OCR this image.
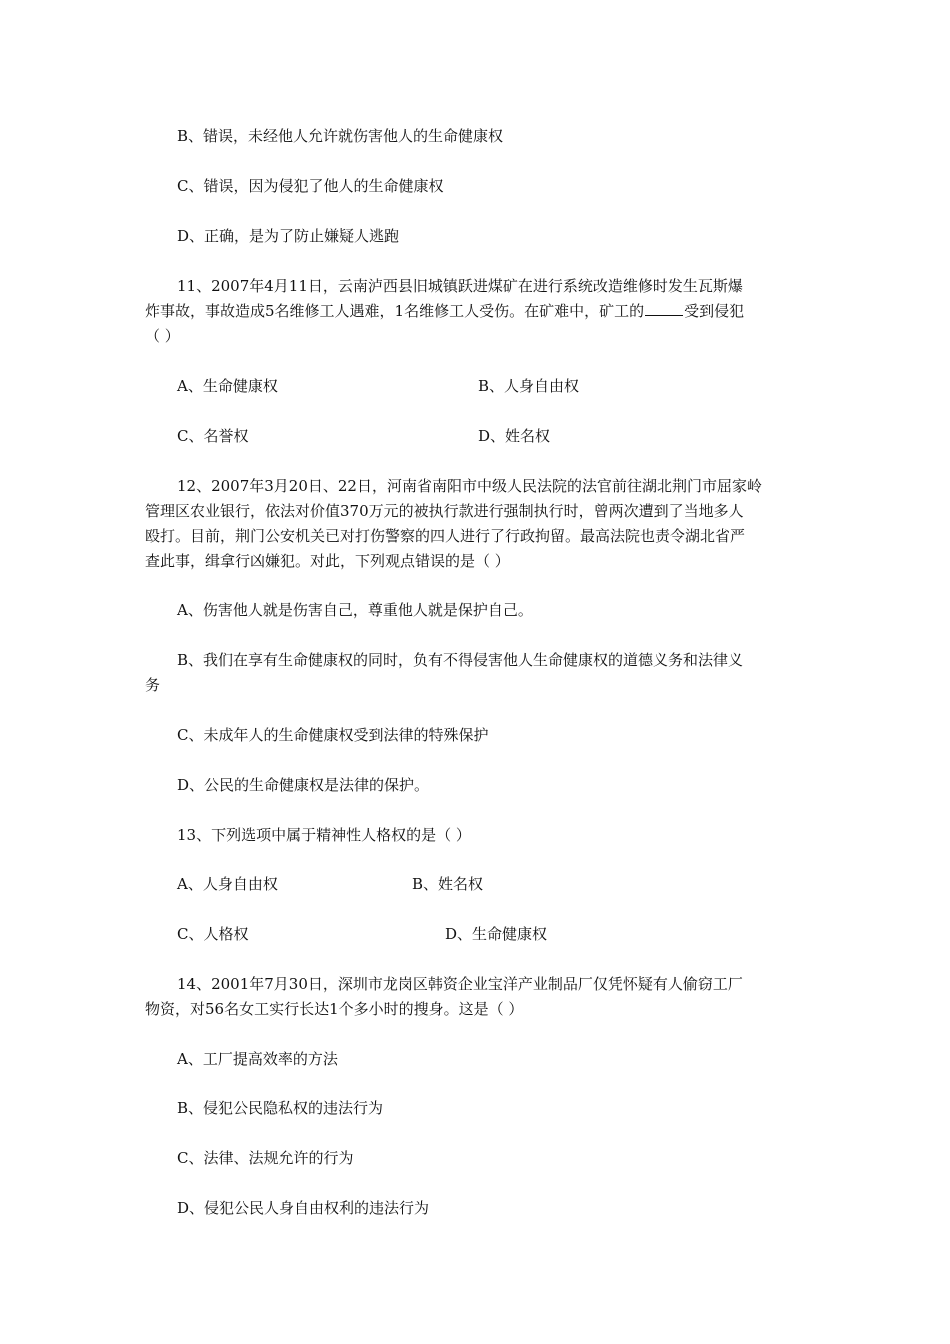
B、错误，未经他人允许就伤害他人的生命健康权
C、错误，因为侵犯了他人的生命健康权
D、正确，是为了防止嫌疑人逃跑
11、2007年4月11日，云南泸西县旧城镇跃进煤矿在进行系统改造维修时发生瓦斯爆
炸事故，事故造成5名维修工人遇难，1名维修工人受伤。在矿难中，矿工的	受到侵犯
（ ）
A、生命健康权	B、人身自由权
C、名誉权	D、姓名权
12、2007年3月20日、22日，河南省南阳市中级人民法院的法官前往湖北荆门市屈家岭
管理区农业银行，依法对价值370万元的被执行款进行强制执行时，曾两次遭到了当地多人
殴打。目前，荆门公安机关已对打伤警察的四人进行了行政拘留。最高法院也责令湖北省严
查此事，缉拿行凶嫌犯。对此，下列观点错误的是（ ）
A、伤害他人就是伤害自己，尊重他人就是保护自己。
B、我们在享有生命健康权的同时，负有不得侵害他人生命健康权的道德义务和法律义
务
C、未成年人的生命健康权受到法律的特殊保护
D、公民的生命健康权是法律的保护。
13、下列选项中属于精神性人格权的是（ ）
A、人身自由权	B、姓名权
C、人格权	D、生命健康权
14、2001年7月30日，深圳市龙岗区韩资企业宝洋产业制品厂仅凭怀疑有人偷窃工厂
物资，对56名女工实行长达1个多小时的搜身。这是（ ）
A、工厂提高效率的方法
B、侵犯公民隐私权的违法行为
C、法律、法规允许的行为
D、侵犯公民人身自由权利的违法行为
